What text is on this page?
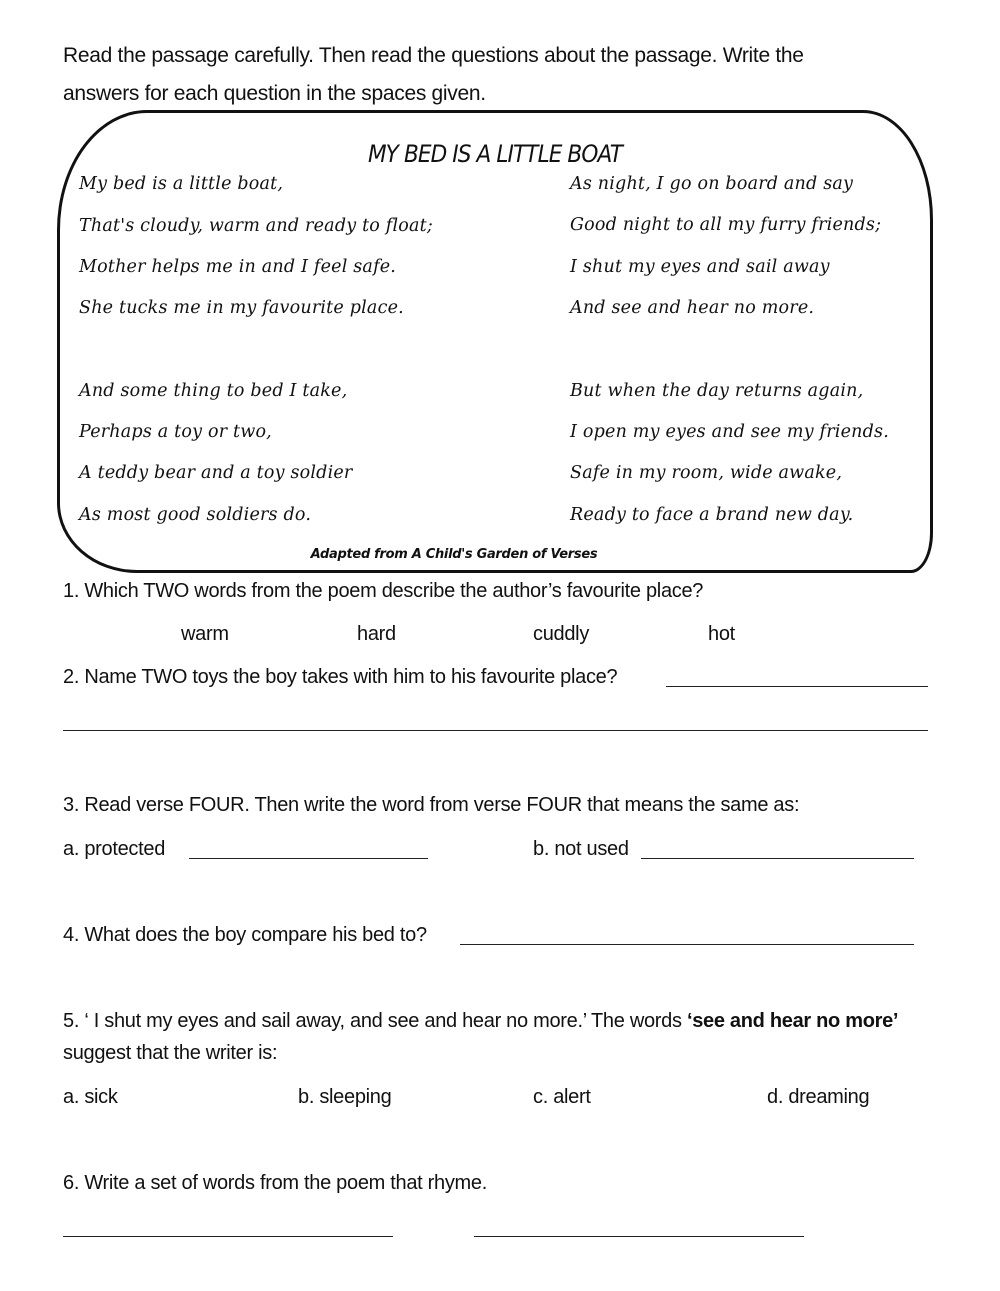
Read the passage carefully. Then read the questions about the passage. Write the
answers for each question in the spaces given.
MY BED IS A LITTLE BOAT
My bed is a little boat,
That's cloudy, warm and ready to float;
Mother helps me in and I feel safe.
She tucks me in my favourite place.
And some thing to bed I take,
Perhaps a toy or two,
A teddy bear and a toy soldier
As most good soldiers do.
As night, I go on board and say
Good night to all my furry friends;
I shut my eyes and sail away
And see and hear no more.
But when the day returns again,
I open my eyes and see my friends.
Safe in my room, wide awake,
Ready to face a brand new day.
Adapted from A Child's Garden of Verses
1. Which TWO words from the poem describe the author’s favourite place?
warm	hard	cuddly	hot
2. Name TWO toys the boy takes with him to his favourite place?
3. Read verse FOUR. Then write the word from verse FOUR that means the same as:
a. protected	b. not used
4. What does the boy compare his bed to?
5. ‘ I shut my eyes and sail away, and see and hear no more.’ The words ‘see and hear no more’
suggest that the writer is:
a. sick	b. sleeping	c. alert	d. dreaming
6. Write a set of words from the poem that rhyme.
